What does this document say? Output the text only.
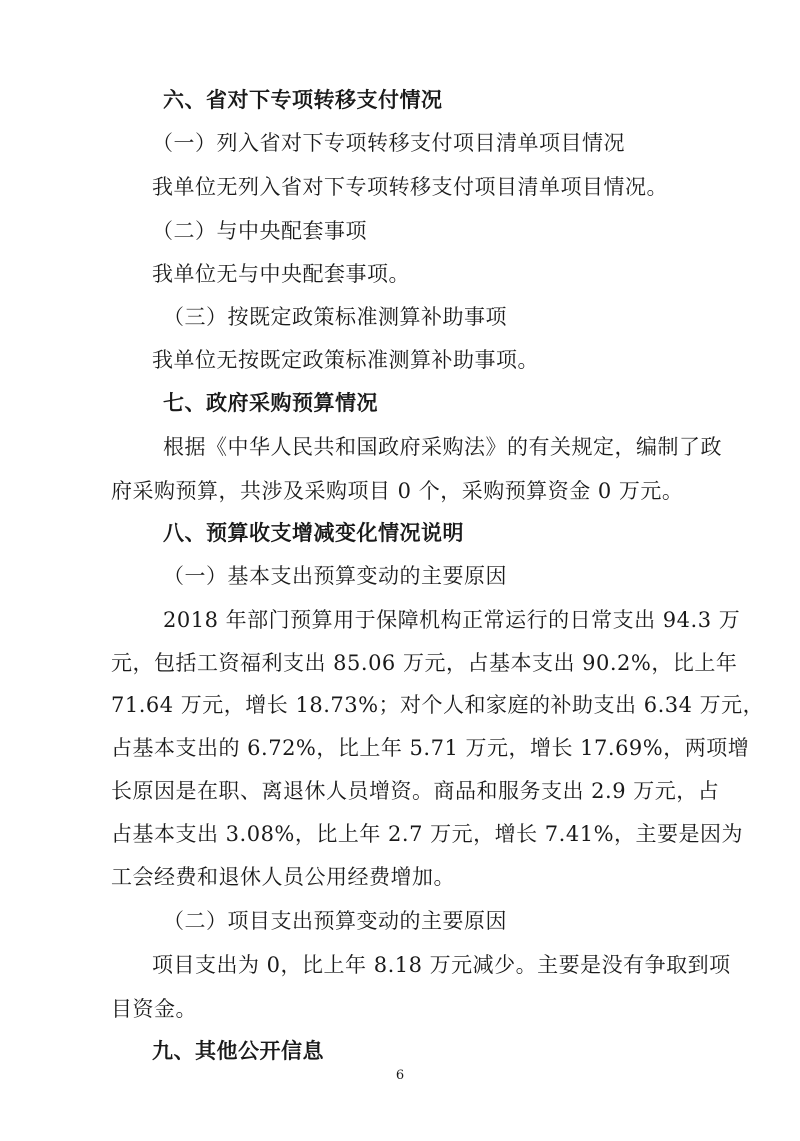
六、省对下专项转移支付情况
（一）列入省对下专项转移支付项目清单项目情况
我单位无列入省对下专项转移支付项目清单项目情况。
（二）与中央配套事项
我单位无与中央配套事项。
（三）按既定政策标准测算补助事项
我单位无按既定政策标准测算补助事项。
七、政府采购预算情况
根据《中华人民共和国政府采购法》的有关规定，编制了政
府采购预算，共涉及采购项目 0 个，采购预算资金 0 万元。
八、预算收支增减变化情况说明
（一）基本支出预算变动的主要原因
2018 年部门预算用于保障机构正常运行的日常支出 94.3 万
元，包括工资福利支出 85.06 万元，占基本支出 90.2%，比上年
71.64 万元，增长 18.73%；对个人和家庭的补助支出 6.34 万元，
占基本支出的 6.72%，比上年 5.71 万元，增长 17.69%，两项增
长原因是在职、离退休人员增资。商品和服务支出 2.9 万元，占
占基本支出 3.08%，比上年 2.7 万元，增长 7.41%，主要是因为
工会经费和退休人员公用经费增加。
（二）项目支出预算变动的主要原因
项目支出为 0，比上年 8.18 万元减少。主要是没有争取到项
目资金。
九、其他公开信息
6
